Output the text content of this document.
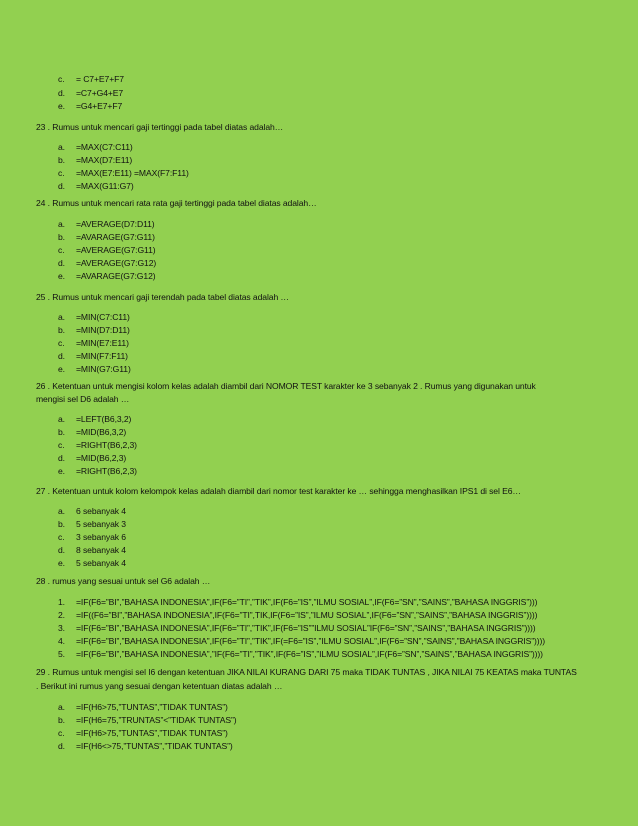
c. = C7+E7+F7
d. =C7+G4+E7
e. =G4+E7+F7
23 . Rumus untuk mencari gaji tertinggi pada tabel diatas adalah…
a. =MAX(C7:C11)
b. =MAX(D7:E11)
c. =MAX(E7:E11) =MAX(F7:F11)
d. =MAX(G11:G7)
24 . Rumus untuk mencari rata rata gaji tertinggi pada tabel diatas adalah…
a. =AVERAGE(D7:D11)
b. =AVARAGE(G7:G11)
c. =AVERAGE(G7:G11)
d. =AVERAGE(G7:G12)
e. =AVARAGE(G7:G12)
25 . Rumus untuk mencari gaji terendah pada tabel diatas adalah …
a. =MIN(C7:C11)
b. =MIN(D7:D11)
c. =MIN(E7:E11)
d. =MIN(F7:F11)
e. =MIN(G7:G11)
26 . Ketentuan untuk mengisi kolom kelas adalah diambil dari NOMOR TEST karakter ke 3 sebanyak 2 . Rumus yang digunakan untuk
mengisi sel D6 adalah …
a. =LEFT(B6,3,2)
b. =MID(B6,3,2)
c. =RIGHT(B6,2,3)
d. =MID(B6,2,3)
e. =RIGHT(B6,2,3)
27 . Ketentuan untuk kolom kelompok kelas adalah diambil dari nomor test karakter ke … sehingga menghasilkan IPS1 di sel E6…
a. 6 sebanyak 4
b. 5 sebanyak 3
c. 3 sebanyak 6
d. 8 sebanyak 4
e. 5 sebanyak 4
28 . rumus yang sesuai untuk sel G6 adalah …
1. =IF(F6=”BI”,”BAHASA INDONESIA”,IF(F6=”TI”,”TIK”,IF(F6=”IS”,”ILMU SOSIAL”,IF(F6=”SN”,”SAINS”,”BAHASA INGGRIS”)))
2. =IF((F6=”BI”,”BAHASA INDONESIA”,IF(F6=”TI”,TIK,IF(F6=”IS”,”ILMU SOSIAL”,IF(F6=”SN”,”SAINS”,”BAHASA INGGRIS”))))
3. =IF(F6=”BI”,”BAHASA INDONESIA”,IF(F6=”TI”,”TIK”,IF(F6=”IS””ILMU SOSIAL”IF(F6=”SN”,”SAINS”,”BAHASA INGGRIS”))))
4. =IF(F6=”BI”,”BAHASA INDONESIA”,IF(F6=”TI”,”TIK”,IF(=F6=”IS”,”ILMU SOSIAL”,IF(F6=”SN”,”SAINS”,”BAHASA INGGRIS”))))
5. =IF(F6=”BI”,”BAHASA INDONESIA”,”IF(F6=”TI”,”TIK”,IF(F6=”IS”,”ILMU SOSIAL”,IF(F6=”SN”,”SAINS”,”BAHASA INGGRIS”))))
29 . Rumus untuk mengisi sel I6 dengan ketentuan JIKA NILAI KURANG DARI 75 maka TIDAK TUNTAS , JIKA NILAI 75 KEATAS maka TUNTAS
. Berikut ini rumus yang sesuai dengan ketentuan diatas adalah …
a. =IF(H6>75,”TUNTAS”,”TIDAK TUNTAS”)
b. =IF(H6=75,”TRUNTAS”<”TIDAK TUNTAS”)
c. =IF(H6>75,”TUNTAS”,”TIDAK TUNTAS”)
d. =IF(H6<>75,”TUNTAS”,”TIDAK TUNTAS”)
